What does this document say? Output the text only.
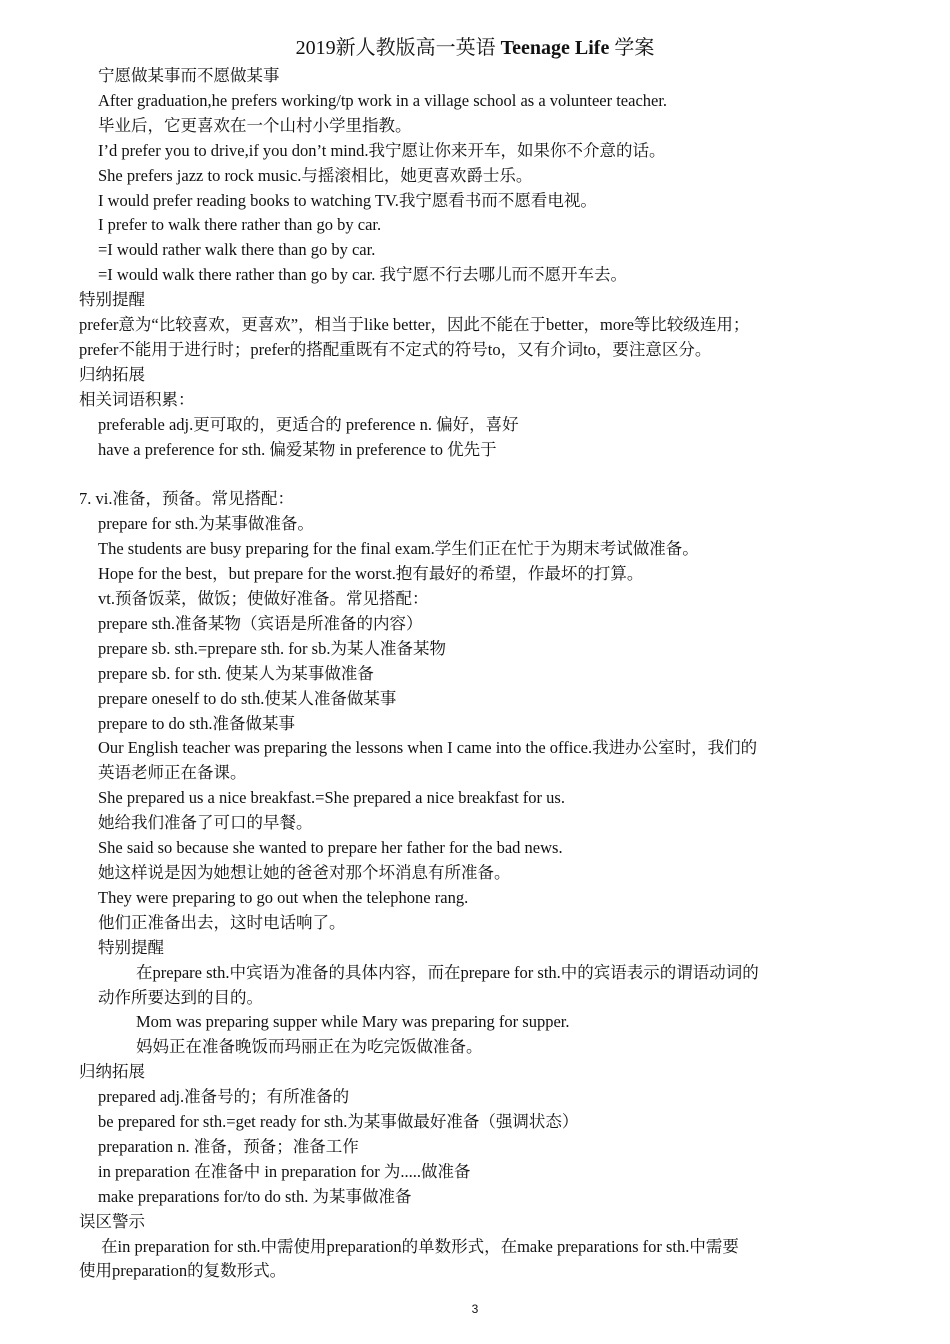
2019新人教版高一英语 Teenage Life 学案
宁愿做某事而不愿做某事
After graduation,he prefers working/tp work in a village school as a volunteer teacher.
毕业后，它更喜欢在一个山村小学里指教。
I’d prefer you to drive,if you don’t mind.我宁愿让你来开车，如果你不介意的话。
She prefers jazz to rock music.与摇滚相比，她更喜欢爵士乐。
I would prefer reading books to watching TV.我宁愿看书而不愿看电视。
I prefer to walk there rather than go by car.
=I would rather walk there than go by car.
=I would walk there rather than go by car. 我宁愿不行去哪儿而不愿开车去。
特别提醒
prefer意为“比较喜欢，更喜欢”，相当于like better，因此不能在于better，more等比较级连用；
prefer不能用于进行时；prefer的搭配重既有不定式的符号to，又有介词to，要注意区分。
归纳拓展
相关词语积累：
preferable adj.更可取的，更适合的 preference n. 偏好，喜好
have a preference for sth. 偏爱某物 in preference to 优先于
7. vi.准备，预备。常见搭配：
prepare for sth.为某事做准备。
The students are busy preparing for the final exam.学生们正在忙于为期末考试做准备。
Hope for the best，but prepare for the worst.抱有最好的希望，作最坏的打算。
vt.预备饭菜，做饭；使做好准备。常见搭配：
prepare sth.准备某物（宾语是所准备的内容）
prepare sb. sth.=prepare sth. for sb.为某人准备某物
prepare sb. for sth. 使某人为某事做准备
prepare oneself to do sth.使某人准备做某事
prepare to do sth.准备做某事
Our English teacher was preparing the lessons when I came into the office.我进办公室时，我们的
英语老师正在备课。
She prepared us a nice breakfast.=She prepared a nice breakfast for us.
她给我们准备了可口的早餐。
She said so because she wanted to prepare her father for the bad news.
她这样说是因为她想让她的爸爸对那个坏消息有所准备。
They were preparing to go out when the telephone rang.
他们正准备出去，这时电话响了。
特别提醒
在prepare sth.中宾语为准备的具体内容，而在prepare for sth.中的宾语表示的谓语动词的
动作所要达到的目的。
Mom was preparing supper while Mary was preparing for supper.
妈妈正在准备晚饭而玛丽正在为吃完饭做准备。
归纳拓展
prepared adj.准备号的；有所准备的
be prepared for sth.=get ready for sth.为某事做最好准备（强调状态）
preparation n. 准备，预备；准备工作
in preparation 在准备中 in preparation for 为.....做准备
make preparations for/to do sth. 为某事做准备
误区警示
在in preparation for sth.中需使用preparation的单数形式，在make preparations for sth.中需要
使用preparation的复数形式。
3
